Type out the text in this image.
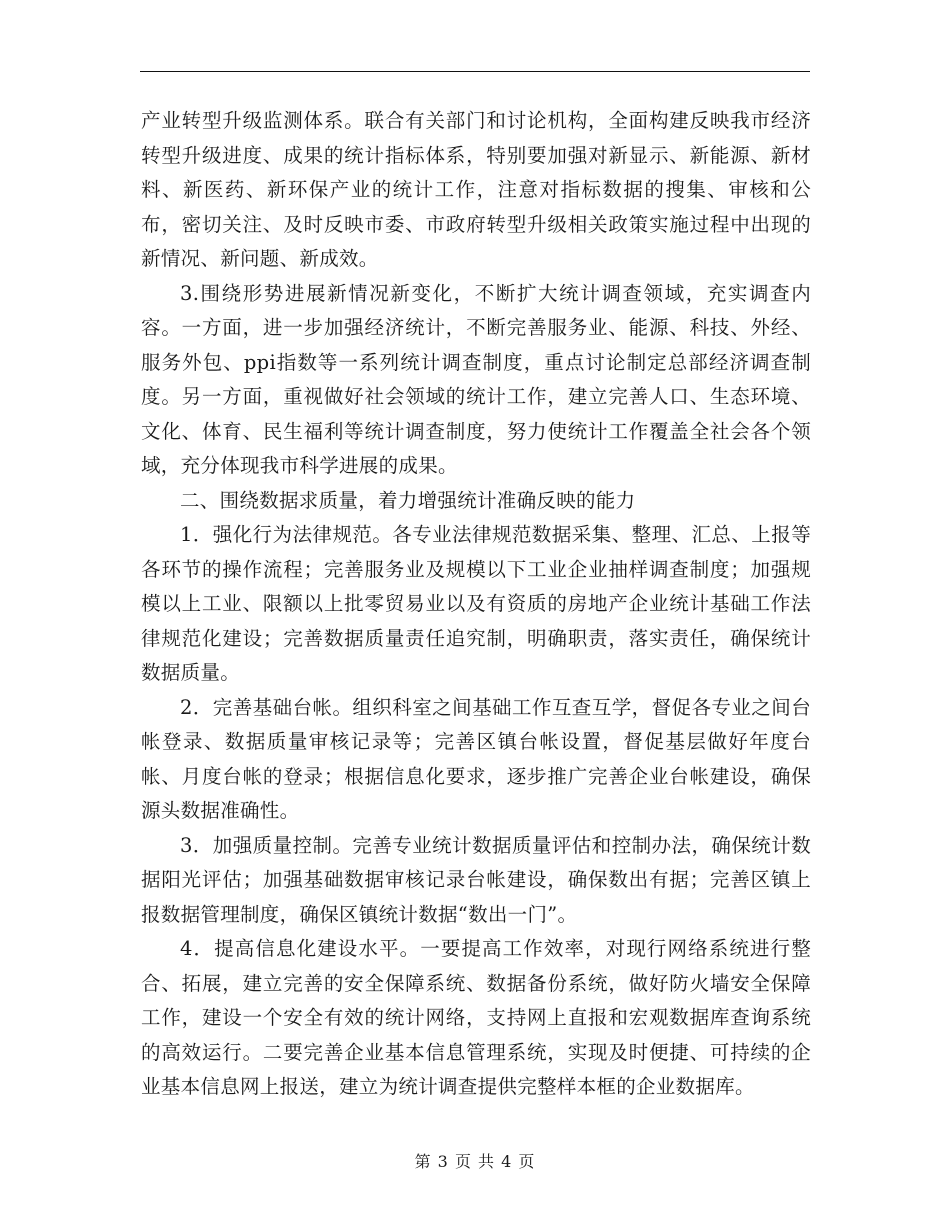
产业转型升级监测体系。联合有关部门和讨论机构，全面构建反映我市经济转型升级进度、成果的统计指标体系，特别要加强对新显示、新能源、新材料、新医药、新环保产业的统计工作，注意对指标数据的搜集、审核和公布，密切关注、及时反映市委、市政府转型升级相关政策实施过程中出现的新情况、新问题、新成效。

3.围绕形势进展新情况新变化，不断扩大统计调查领域，充实调查内容。一方面，进一步加强经济统计，不断完善服务业、能源、科技、外经、服务外包、ppi指数等一系列统计调查制度，重点讨论制定总部经济调查制度。另一方面，重视做好社会领域的统计工作，建立完善人口、生态环境、文化、体育、民生福利等统计调查制度，努力使统计工作覆盖全社会各个领域，充分体现我市科学进展的成果。

二、围绕数据求质量，着力增强统计准确反映的能力

1．强化行为法律规范。各专业法律规范数据采集、整理、汇总、上报等各环节的操作流程；完善服务业及规模以下工业企业抽样调查制度；加强规模以上工业、限额以上批零贸易业以及有资质的房地产企业统计基础工作法律规范化建设；完善数据质量责任追究制，明确职责，落实责任，确保统计数据质量。

2．完善基础台帐。组织科室之间基础工作互查互学，督促各专业之间台帐登录、数据质量审核记录等；完善区镇台帐设置，督促基层做好年度台帐、月度台帐的登录；根据信息化要求，逐步推广完善企业台帐建设，确保源头数据准确性。

3．加强质量控制。完善专业统计数据质量评估和控制办法，确保统计数据阳光评估；加强基础数据审核记录台帐建设，确保数出有据；完善区镇上报数据管理制度，确保区镇统计数据“数出一门”。

4．提高信息化建设水平。一要提高工作效率，对现行网络系统进行整合、拓展，建立完善的安全保障系统、数据备份系统，做好防火墙安全保障工作，建设一个安全有效的统计网络，支持网上直报和宏观数据库查询系统的高效运行。二要完善企业基本信息管理系统，实现及时便捷、可持续的企业基本信息网上报送，建立为统计调查提供完整样本框的企业数据库。

第 3 页 共 4 页
